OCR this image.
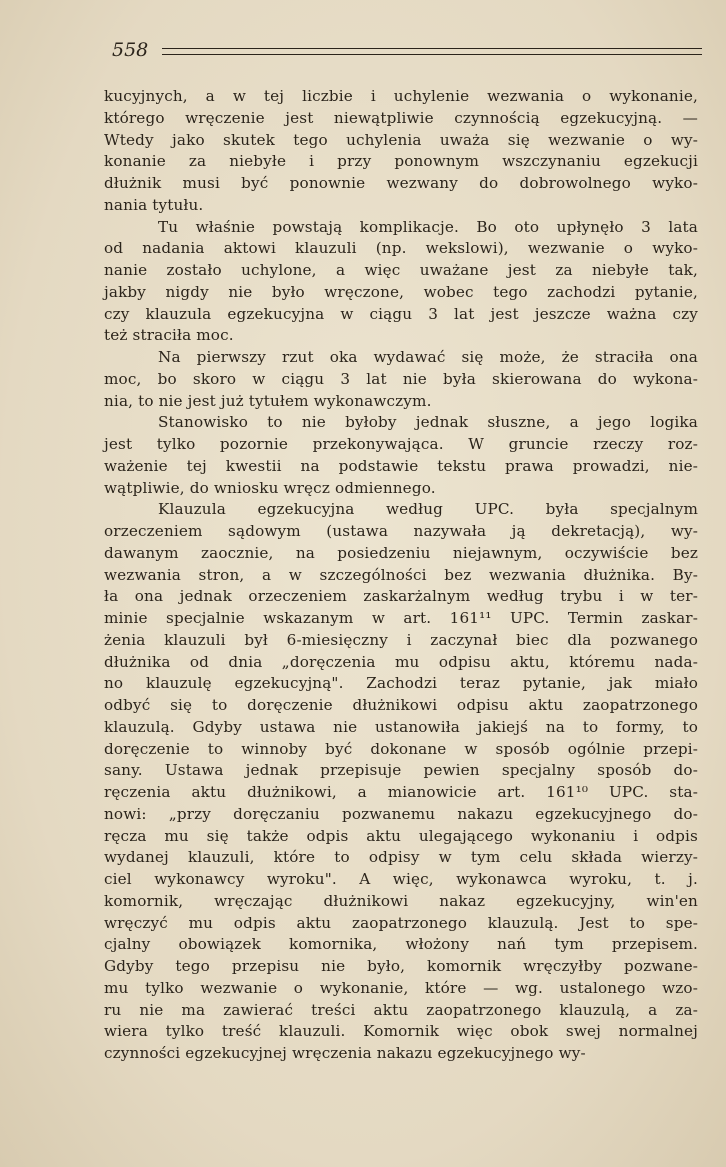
558

kucyjnych, a w tej liczbie i uchylenie wezwania o wykonanie,
którego wręczenie jest niewątpliwie czynnością egzekucyjną. —
Wtedy jako skutek tego uchylenia uważa się wezwanie o wy-
konanie za niebyłe i przy ponownym wszczynaniu egzekucji
dłużnik musi być ponownie wezwany do dobrowolnego wyko-
nania tytułu.

Tu właśnie powstają komplikacje. Bo oto upłynęło 3 lata
od nadania aktowi klauzuli (np. wekslowi), wezwanie o wyko-
nanie zostało uchylone, a więc uważane jest za niebyłe tak,
jakby nigdy nie było wręczone, wobec tego zachodzi pytanie,
czy klauzula egzekucyjna w ciągu 3 lat jest jeszcze ważna czy
też straciła moc.

Na pierwszy rzut oka wydawać się może, że straciła ona
moc, bo skoro w ciągu 3 lat nie była skierowana do wykona-
nia, to nie jest już tytułem wykonawczym.

Stanowisko to nie byłoby jednak słuszne, a jego logika
jest tylko pozornie przekonywająca. W gruncie rzeczy roz-
ważenie tej kwestii na podstawie tekstu prawa prowadzi, nie-
wątpliwie, do wniosku wręcz odmiennego.

Klauzula egzekucyjna według UPC. była specjalnym
orzeczeniem sądowym (ustawa nazywała ją dekretacją), wy-
dawanym zaocznie, na posiedzeniu niejawnym, oczywiście bez
wezwania stron, a w szczególności bez wezwania dłużnika. By-
ła ona jednak orzeczeniem zaskarżalnym według trybu i w ter-
minie specjalnie wskazanym w art. 161¹¹ UPC. Termin zaskar-
żenia klauzuli był 6-miesięczny i zaczynał biec dla pozwanego
dłużnika od dnia „doręczenia mu odpisu aktu, któremu nada-
no klauzulę egzekucyjną". Zachodzi teraz pytanie, jak miało
odbyć się to doręczenie dłużnikowi odpisu aktu zaopatrzonego
klauzulą. Gdyby ustawa nie ustanowiła jakiejś na to formy, to
doręczenie to winnoby być dokonane w sposób ogólnie przepi-
sany. Ustawa jednak przepisuje pewien specjalny sposób do-
ręczenia aktu dłużnikowi, a mianowicie art. 161¹⁰ UPC. sta-
nowi: „przy doręczaniu pozwanemu nakazu egzekucyjnego do-
ręcza mu się także odpis aktu ulegającego wykonaniu i odpis
wydanej klauzuli, które to odpisy w tym celu składa wierzy-
ciel wykonawcy wyroku". A więc, wykonawca wyroku, t. j.
komornik, wręczając dłużnikowi nakaz egzekucyjny, win'en
wręczyć mu odpis aktu zaopatrzonego klauzulą. Jest to spe-
cjalny obowiązek komornika, włożony nań tym przepisem.
Gdyby tego przepisu nie było, komornik wręczyłby pozwane-
mu tylko wezwanie o wykonanie, które — wg. ustalonego wzo-
ru nie ma zawierać treści aktu zaopatrzonego klauzulą, a za-
wiera tylko treść klauzuli. Komornik więc obok swej normalnej
czynności egzekucyjnej wręczenia nakazu egzekucyjnego wy-
